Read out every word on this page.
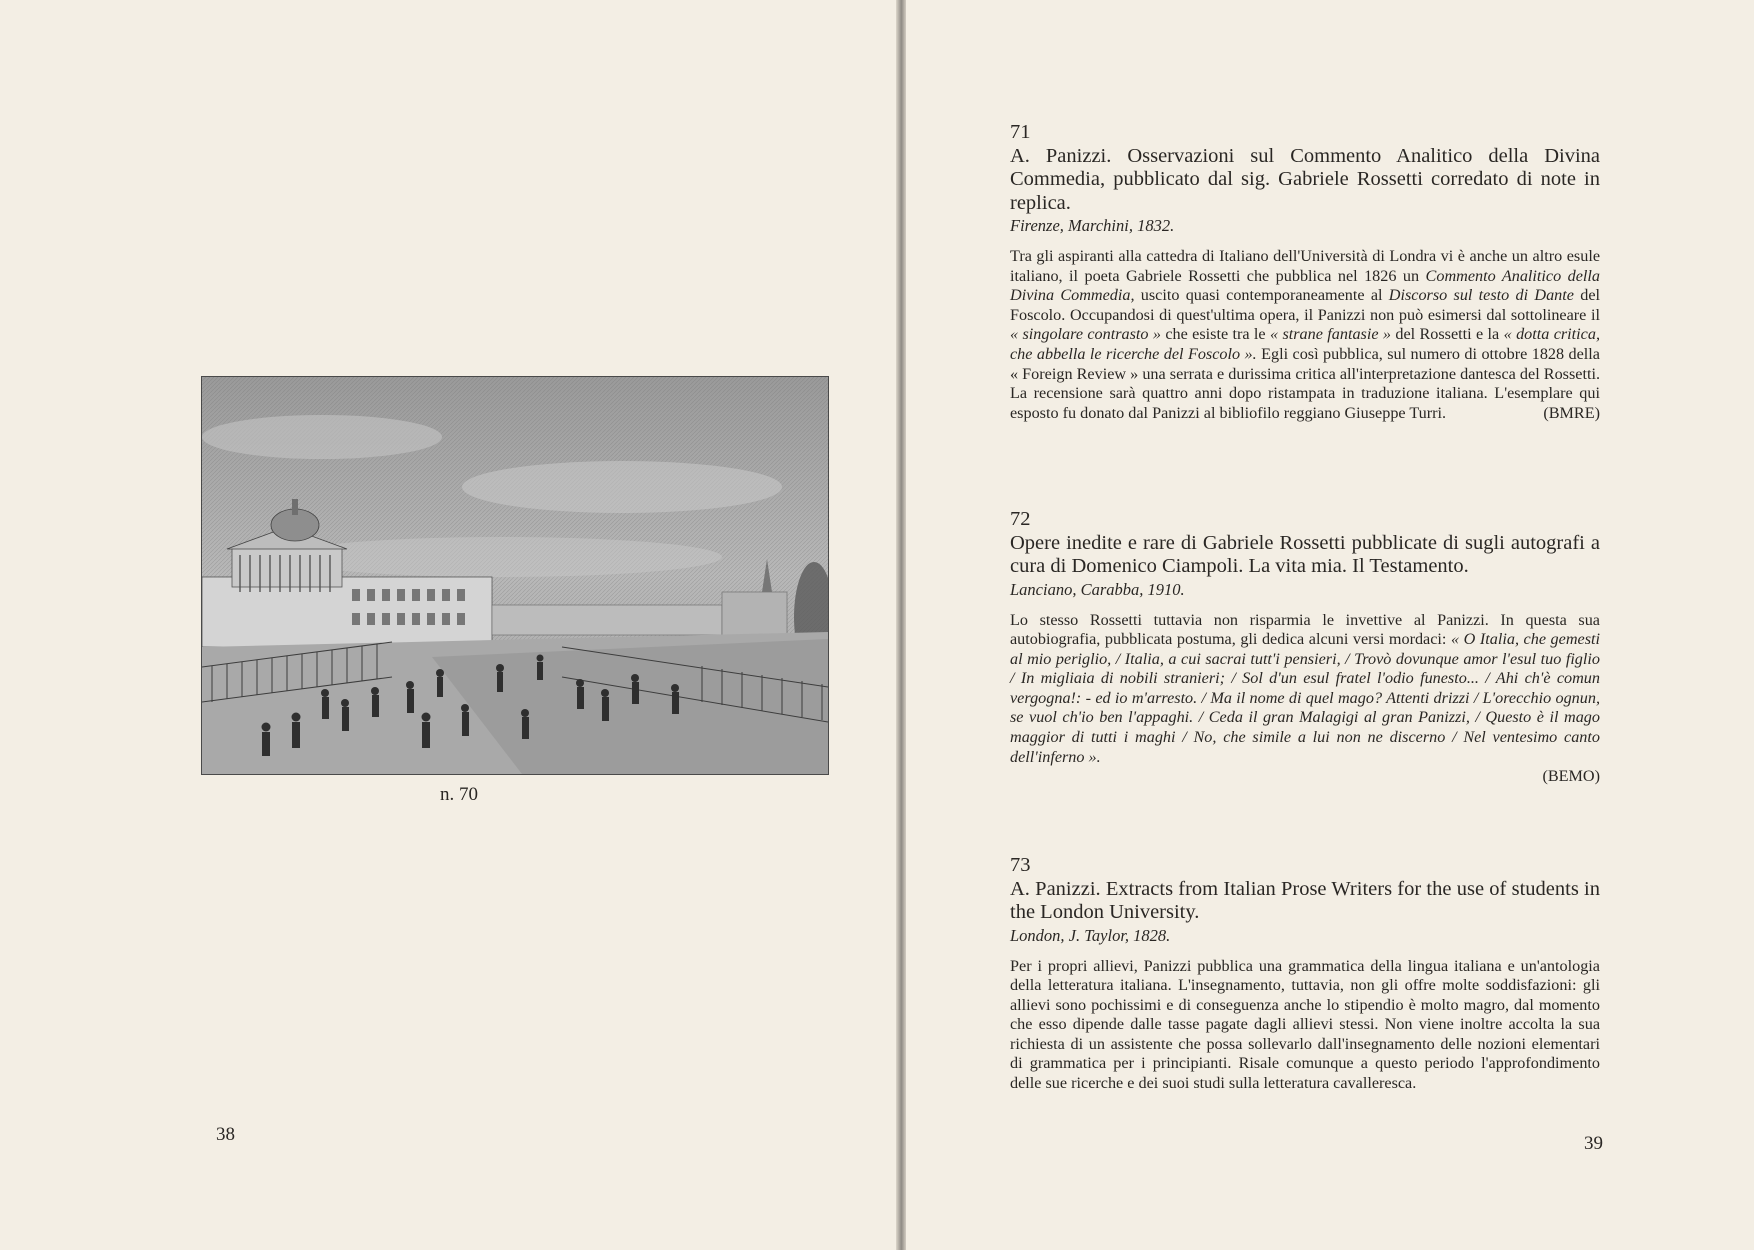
n. 70
38
71
A. Panizzi. Osservazioni sul Commento Analitico della Divina Commedia, pubblicato dal sig. Gabriele Rossetti corredato di note in replica.
Firenze, Marchini, 1832.
Tra gli aspiranti alla cattedra di Italiano dell'Università di Londra vi è anche un altro esule italiano, il poeta Gabriele Rossetti che pubblica nel 1826 un Commento Analitico della Divina Commedia, uscito quasi contemporaneamente al Discorso sul testo di Dante del Foscolo. Occupandosi di quest'ultima opera, il Panizzi non può esimersi dal sottolineare il « singolare contrasto » che esiste tra le « strane fantasie » del Rossetti e la « dotta critica, che abbella le ricerche del Foscolo ». Egli così pubblica, sul numero di ottobre 1828 della « Foreign Review » una serrata e durissima critica all'interpretazione dantesca del Rossetti. La recensione sarà quattro anni dopo ristampata in traduzione italiana. L'esemplare qui esposto fu donato dal Panizzi al bibliofilo reggiano Giuseppe Turri.	(BMRE)
72
Opere inedite e rare di Gabriele Rossetti pubblicate di sugli autografi a cura di Domenico Ciampoli. La vita mia. Il Testamento.
Lanciano, Carabba, 1910.
Lo stesso Rossetti tuttavia non risparmia le invettive al Panizzi. In questa sua autobiografia, pubblicata postuma, gli dedica alcuni versi mordaci: « O Italia, che gemesti al mio periglio, / Italia, a cui sacrai tutt'i pensieri, / Trovò dovunque amor l'esul tuo figlio / In migliaia di nobili stranieri; / Sol d'un esul fratel l'odio funesto... / Ahi ch'è comun vergogna!: - ed io m'arresto. / Ma il nome di quel mago? Attenti drizzi / L'orecchio ognun, se vuol ch'io ben l'appaghi. / Ceda il gran Malagigi al gran Panizzi, / Questo è il mago maggior di tutti i maghi / No, che simile a lui non ne discerno / Nel ventesimo canto dell'inferno ».
(BEMO)
73
A. Panizzi. Extracts from Italian Prose Writers for the use of students in the London University.
London, J. Taylor, 1828.
Per i propri allievi, Panizzi pubblica una grammatica della lingua italiana e un'antologia della letteratura italiana. L'insegnamento, tuttavia, non gli offre molte soddisfazioni: gli allievi sono pochissimi e di conseguenza anche lo stipendio è molto magro, dal momento che esso dipende dalle tasse pagate dagli allievi stessi. Non viene inoltre accolta la sua richiesta di un assistente che possa sollevarlo dall'insegnamento delle nozioni elementari di grammatica per i principianti. Risale comunque a questo periodo l'approfondimento delle sue ricerche e dei suoi studi sulla letteratura cavalleresca.
39
